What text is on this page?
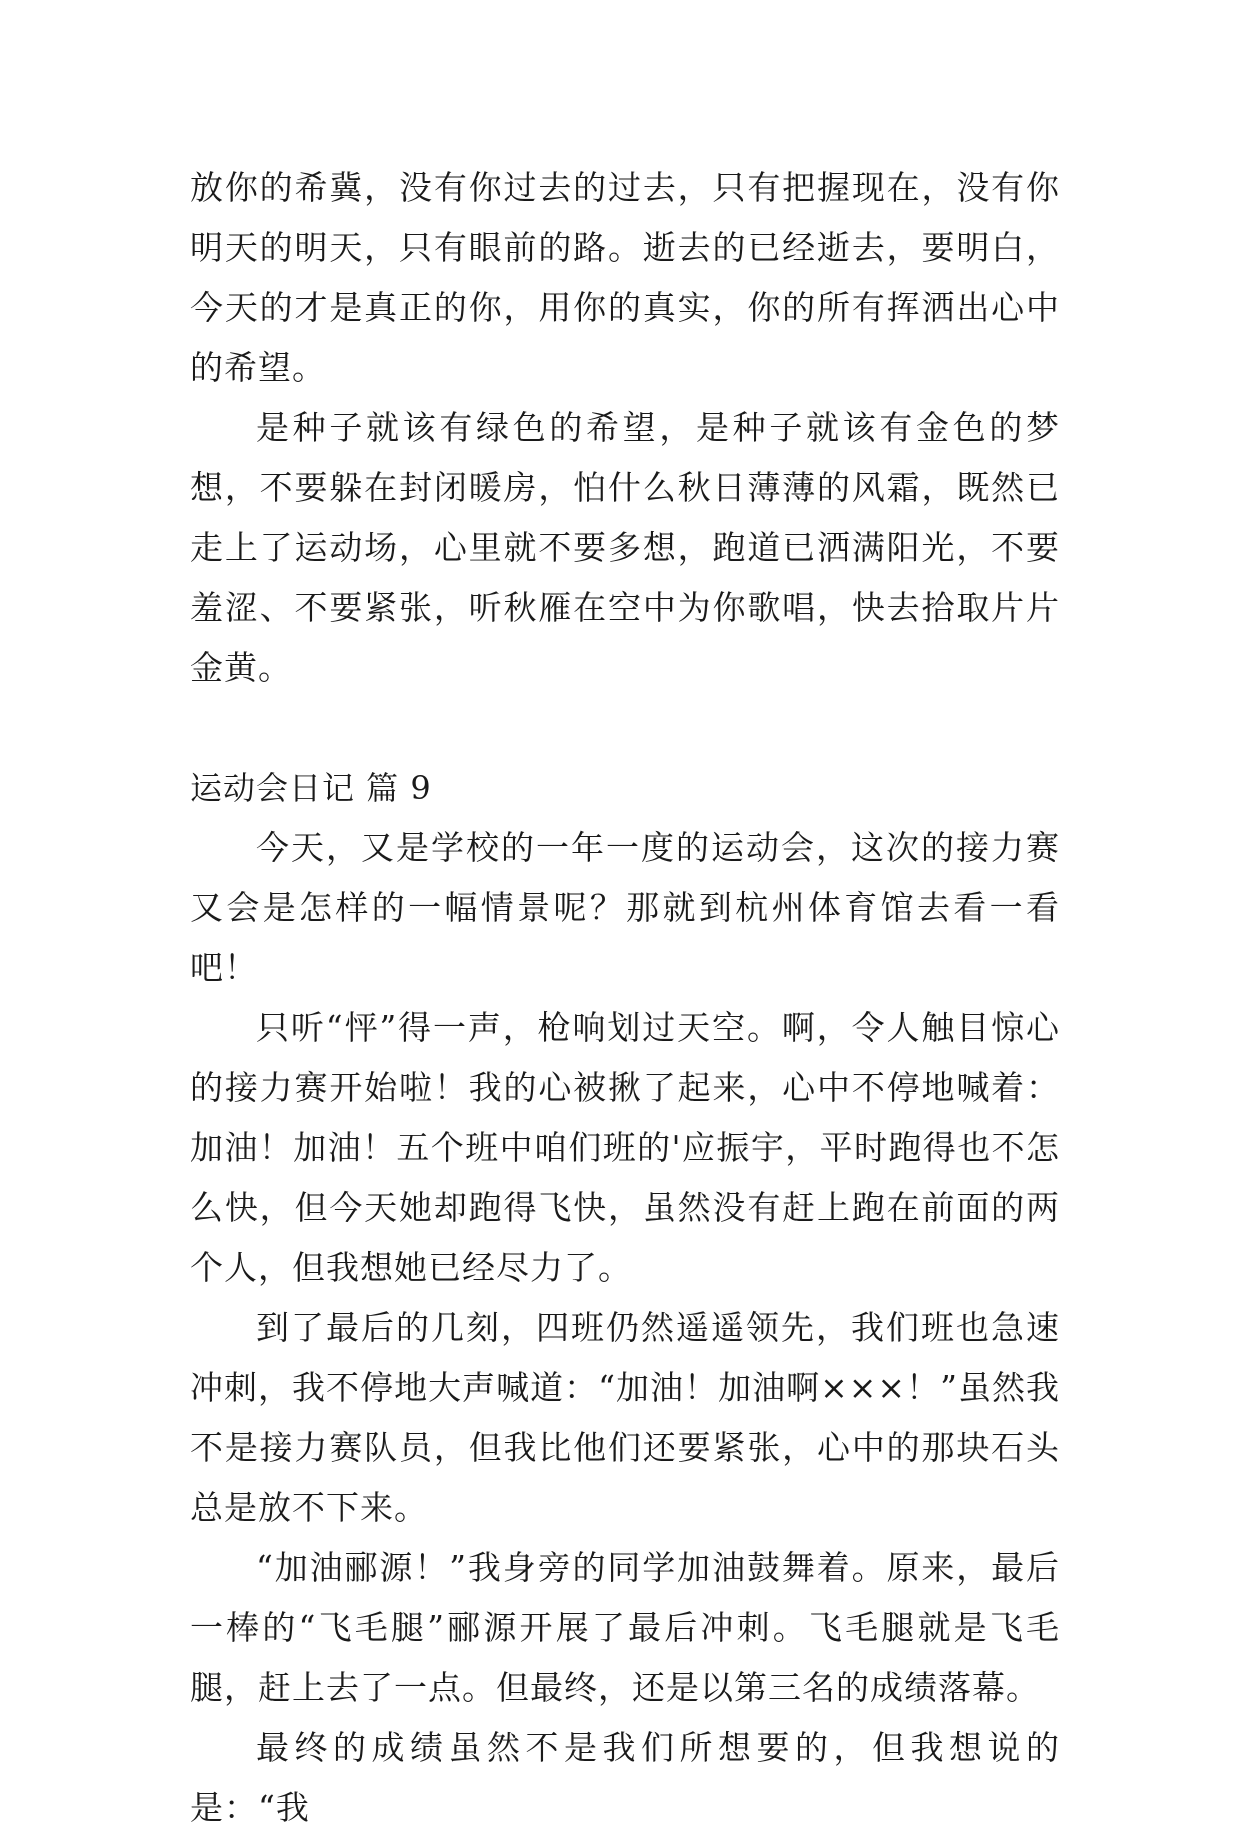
放你的希冀，没有你过去的过去，只有把握现在，没有你明天的明天，只有眼前的路。逝去的已经逝去，要明白，今天的才是真正的你，用你的真实，你的所有挥洒出心中的希望。

是种子就该有绿色的希望，是种子就该有金色的梦想，不要躲在封闭暖房，怕什么秋日薄薄的风霜，既然已走上了运动场，心里就不要多想，跑道已洒满阳光，不要羞涩、不要紧张，听秋雁在空中为你歌唱，快去拾取片片金黄。

运动会日记 篇 9

今天，又是学校的一年一度的运动会，这次的接力赛又会是怎样的一幅情景呢？那就到杭州体育馆去看一看吧！

只听“怦”得一声，枪响划过天空。啊，令人触目惊心的接力赛开始啦！我的心被揪了起来，心中不停地喊着：加油！加油！五个班中咱们班的'应振宇，平时跑得也不怎么快，但今天她却跑得飞快，虽然没有赶上跑在前面的两个人，但我想她已经尽力了。

到了最后的几刻，四班仍然遥遥领先，我们班也急速冲刺，我不停地大声喊道：“加油！加油啊×××！”虽然我不是接力赛队员，但我比他们还要紧张，心中的那块石头总是放不下来。

“加油郦源！”我身旁的同学加油鼓舞着。原来，最后一棒的“飞毛腿”郦源开展了最后冲刺。飞毛腿就是飞毛腿，赶上去了一点。但最终，还是以第三名的成绩落幕。

最终的成绩虽然不是我们所想要的，但我想说的是：“我
